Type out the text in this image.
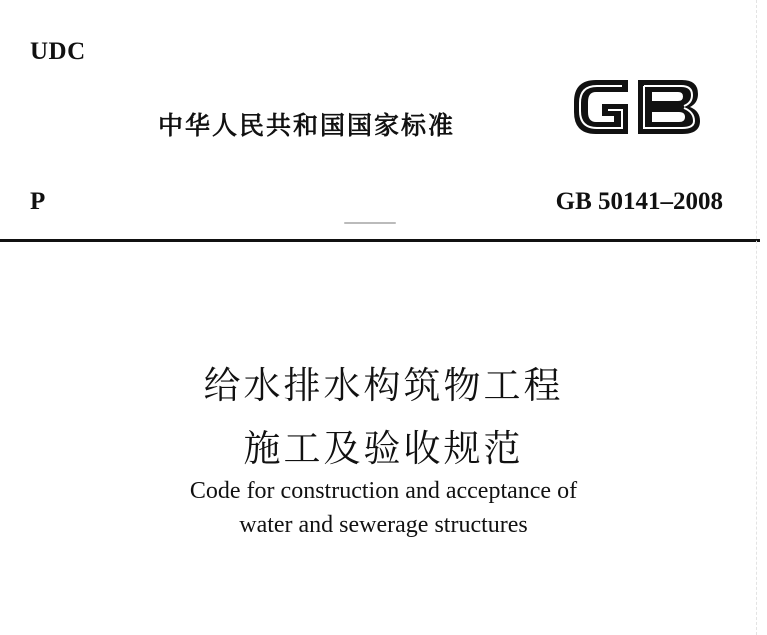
UDC
中华人民共和国国家标准
P	GB 50141–2008
给水排水构筑物工程
施工及验收规范
Code for construction and acceptance of
water and sewerage structures
